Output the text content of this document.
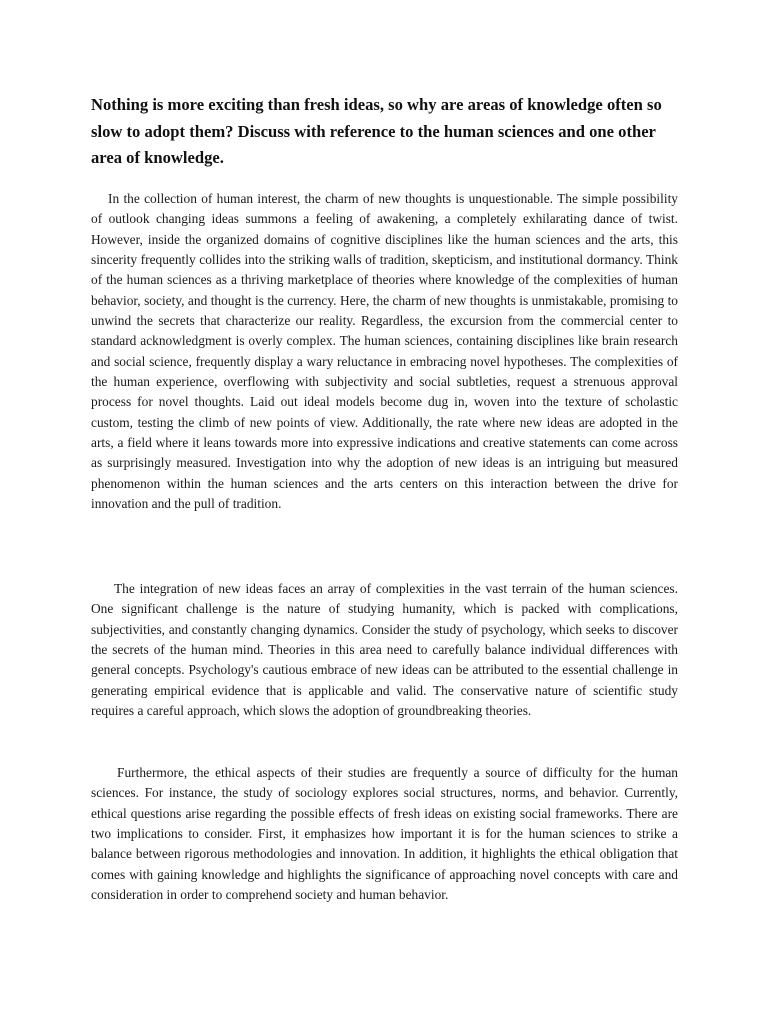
Nothing is more exciting than fresh ideas, so why are areas of knowledge often so slow to adopt them? Discuss with reference to the human sciences and one other area of knowledge.

In the collection of human interest, the charm of new thoughts is unquestionable. The simple possibility of outlook changing ideas summons a feeling of awakening, a completely exhilarating dance of twist. However, inside the organized domains of cognitive disciplines like the human sciences and the arts, this sincerity frequently collides into the striking walls of tradition, skepticism, and institutional dormancy. Think of the human sciences as a thriving marketplace of theories where knowledge of the complexities of human behavior, society, and thought is the currency. Here, the charm of new thoughts is unmistakable, promising to unwind the secrets that characterize our reality. Regardless, the excursion from the commercial center to standard acknowledgment is overly complex. The human sciences, containing disciplines like brain research and social science, frequently display a wary reluctance in embracing novel hypotheses. The complexities of the human experience, overflowing with subjectivity and social subtleties, request a strenuous approval process for novel thoughts. Laid out ideal models become dug in, woven into the texture of scholastic custom, testing the climb of new points of view. Additionally, the rate where new ideas are adopted in the arts, a field where it leans towards more into expressive indications and creative statements can come across as surprisingly measured. Investigation into why the adoption of new ideas is an intriguing but measured phenomenon within the human sciences and the arts centers on this interaction between the drive for innovation and the pull of tradition.

The integration of new ideas faces an array of complexities in the vast terrain of the human sciences. One significant challenge is the nature of studying humanity, which is packed with complications, subjectivities, and constantly changing dynamics. Consider the study of psychology, which seeks to discover the secrets of the human mind. Theories in this area need to carefully balance individual differences with general concepts. Psychology's cautious embrace of new ideas can be attributed to the essential challenge in generating empirical evidence that is applicable and valid. The conservative nature of scientific study requires a careful approach, which slows the adoption of groundbreaking theories.

Furthermore, the ethical aspects of their studies are frequently a source of difficulty for the human sciences. For instance, the study of sociology explores social structures, norms, and behavior. Currently, ethical questions arise regarding the possible effects of fresh ideas on existing social frameworks. There are two implications to consider. First, it emphasizes how important it is for the human sciences to strike a balance between rigorous methodologies and innovation. In addition, it highlights the ethical obligation that comes with gaining knowledge and highlights the significance of approaching novel concepts with care and consideration in order to comprehend society and human behavior.
